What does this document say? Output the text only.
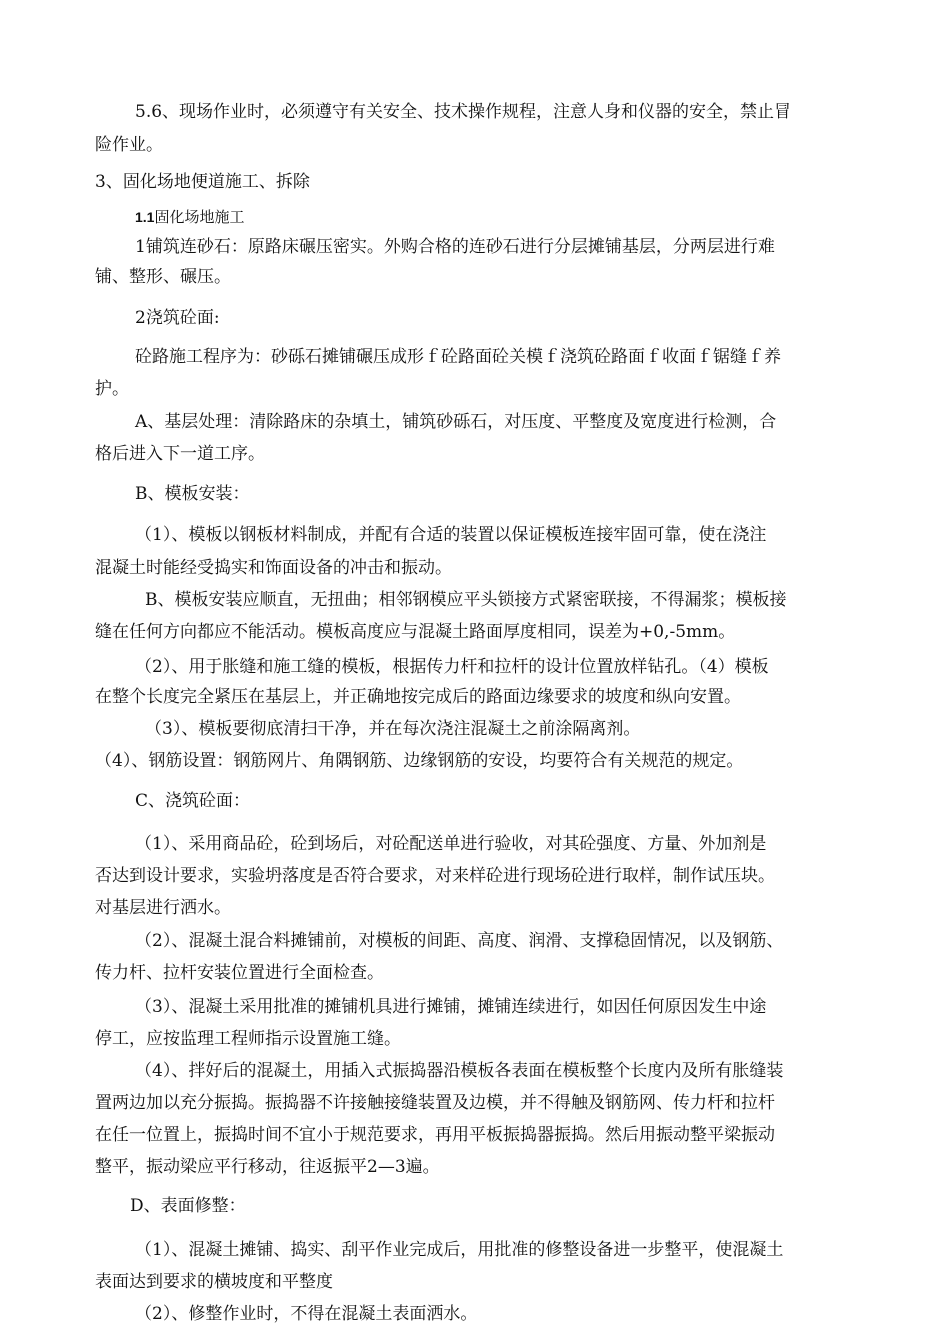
5.6、现场作业时，必须遵守有关安全、技术操作规程，注意人身和仪器的安全，禁止冒
险作业。
3、固化场地便道施工、拆除
1.1固化场地施工
1铺筑连砂石：原路床碾压密实。外购合格的连砂石进行分层摊铺基层，分两层进行难
铺、整形、碾压。
2浇筑砼面:
砼路施工程序为：砂砾石摊铺碾压成形ｆ砼路面砼关模ｆ浇筑砼路面ｆ收面ｆ锯缝ｆ养
护。
A、基层处理：清除路床的杂填土，铺筑砂砾石，对压度、平整度及宽度进行检测，合
格后进入下一道工序。
B、模板安装：
（1）、模板以钢板材料制成，并配有合适的装置以保证模板连接牢固可靠，使在浇注
混凝土时能经受捣实和饰面设备的冲击和振动。
B、模板安装应顺直，无扭曲；相邻钢模应平头锁接方式紧密联接，不得漏浆；模板接
缝在任何方向都应不能活动。模板高度应与混凝土路面厚度相同，误差为+0,-5mm。
（2）、用于胀缝和施工缝的模板，根据传力杆和拉杆的设计位置放样钻孔。（4）模板
在整个长度完全紧压在基层上，并正确地按完成后的路面边缘要求的坡度和纵向安置。
（3）、模板要彻底清扫干净，并在每次浇注混凝土之前涂隔离剂。
（4）、钢筋设置：钢筋网片、角隅钢筋、边缘钢筋的安设，均要符合有关规范的规定。
C、浇筑砼面：
（1）、采用商品砼，砼到场后，对砼配送单进行验收，对其砼强度、方量、外加剂是
否达到设计要求，实验坍落度是否符合要求，对来样砼进行现场砼进行取样，制作试压块。
对基层进行洒水。
（2）、混凝土混合料摊铺前，对模板的间距、高度、润滑、支撑稳固情况，以及钢筋、
传力杆、拉杆安装位置进行全面检查。
（3）、混凝土采用批准的摊铺机具进行摊铺，摊铺连续进行，如因任何原因发生中途
停工，应按监理工程师指示设置施工缝。
（4）、拌好后的混凝土，用插入式振捣器沿模板各表面在模板整个长度内及所有胀缝装
置两边加以充分振捣。振捣器不许接触接缝装置及边模，并不得触及钢筋网、传力杆和拉杆
在任一位置上，振捣时间不宜小于规范要求，再用平板振捣器振捣。然后用振动整平梁振动
整平，振动梁应平行移动，往返振平2—3遍。
D、表面修整：
（1）、混凝土摊铺、捣实、刮平作业完成后，用批准的修整设备进一步整平，使混凝土
表面达到要求的横坡度和平整度
（2）、修整作业时，不得在混凝土表面洒水。
